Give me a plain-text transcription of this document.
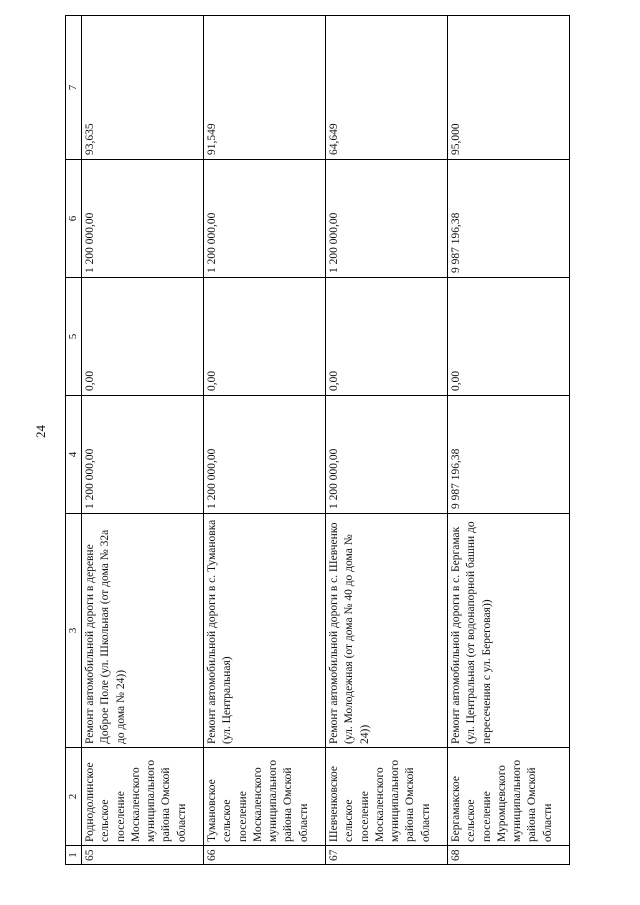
24
1	2	3	4	5	6	7
65	Роднодолинское сельское поселение Москаленского муниципального района Омской области	Ремонт автомобильной дороги в деревне Доброе Поле (ул. Школьная (от дома № 32а до дома № 24))	1 200 000,00	0,00	1 200 000,00	93,635
66	Тумановское сельское поселение Москаленского муниципального района Омской области	Ремонт автомобильной дороги в с. Тумановка (ул. Центральная)	1 200 000,00	0,00	1 200 000,00	91,549
67	Шевченковское сельское поселение Москаленского муниципального района Омской области	Ремонт автомобильной дороги в с. Шевченко (ул. Молодежная (от дома № 40 до дома № 24))	1 200 000,00	0,00	1 200 000,00	64,649
68	Бергамакское сельское поселение Муромцевского муниципального района Омской области	Ремонт автомобильной дороги в с. Бергамак (ул. Центральная (от водонапорной башни до пересечения с ул. Береговая))	9 987 196,38	0,00	9 987 196,38	95,000
